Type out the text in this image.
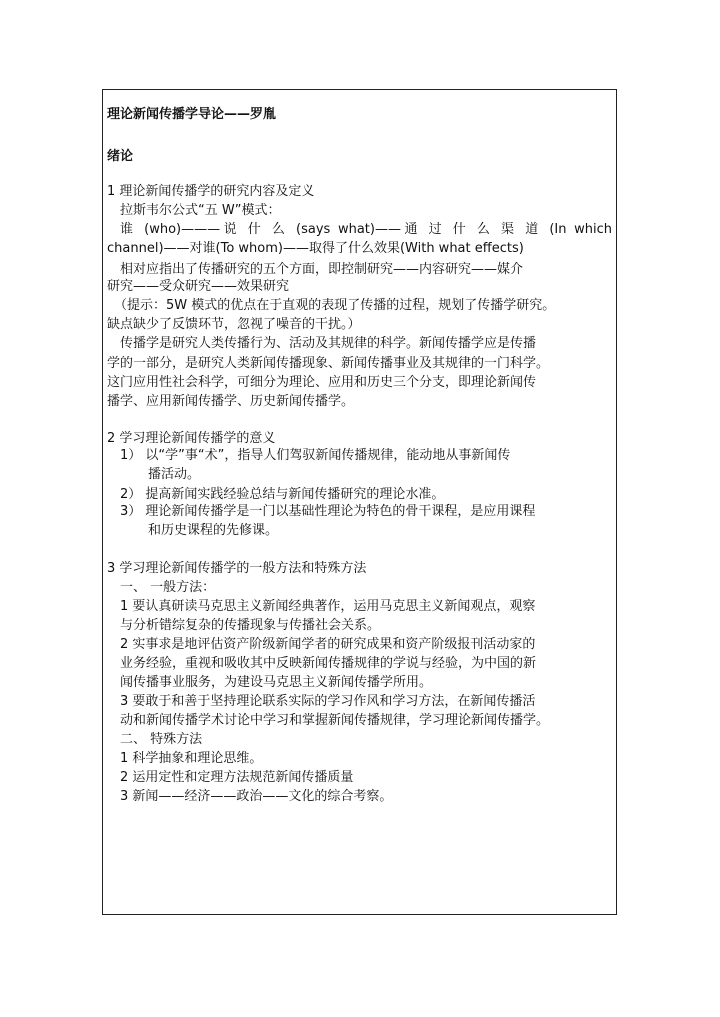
理论新闻传播学导论——罗胤
绪论
1 理论新闻传播学的研究内容及定义
拉斯韦尔公式“五 W”模式：
谁 (who)———说 什 么 (says what)——通 过 什 么 渠 道 (In which
channel)——对谁(To whom)——取得了什么效果(With what effects)
相对应指出了传播研究的五个方面，即控制研究——内容研究——媒介
研究——受众研究——效果研究
（提示：5W 模式的优点在于直观的表现了传播的过程，规划了传播学研究。
缺点缺少了反馈环节，忽视了噪音的干扰。）
传播学是研究人类传播行为、活动及其规律的科学。新闻传播学应是传播
学的一部分，是研究人类新闻传播现象、新闻传播事业及其规律的一门科学。
这门应用性社会科学，可细分为理论、应用和历史三个分支，即理论新闻传
播学、应用新闻传播学、历史新闻传播学。
2 学习理论新闻传播学的意义
1） 以“学”事“术”，指导人们驾驭新闻传播规律，能动地从事新闻传
播活动。
2） 提高新闻实践经验总结与新闻传播研究的理论水准。
3） 理论新闻传播学是一门以基础性理论为特色的骨干课程，是应用课程
和历史课程的先修课。
3 学习理论新闻传播学的一般方法和特殊方法
一、 一般方法：
1 要认真研读马克思主义新闻经典著作，运用马克思主义新闻观点，观察
与分析错综复杂的传播现象与传播社会关系。
2 实事求是地评估资产阶级新闻学者的研究成果和资产阶级报刊活动家的
业务经验，重视和吸收其中反映新闻传播规律的学说与经验，为中国的新
闻传播事业服务，为建设马克思主义新闻传播学所用。
3 要敢于和善于坚持理论联系实际的学习作风和学习方法，在新闻传播活
动和新闻传播学术讨论中学习和掌握新闻传播规律，学习理论新闻传播学。
二、 特殊方法
1 科学抽象和理论思维。
2 运用定性和定理方法规范新闻传播质量
3 新闻——经济——政治——文化的综合考察。
